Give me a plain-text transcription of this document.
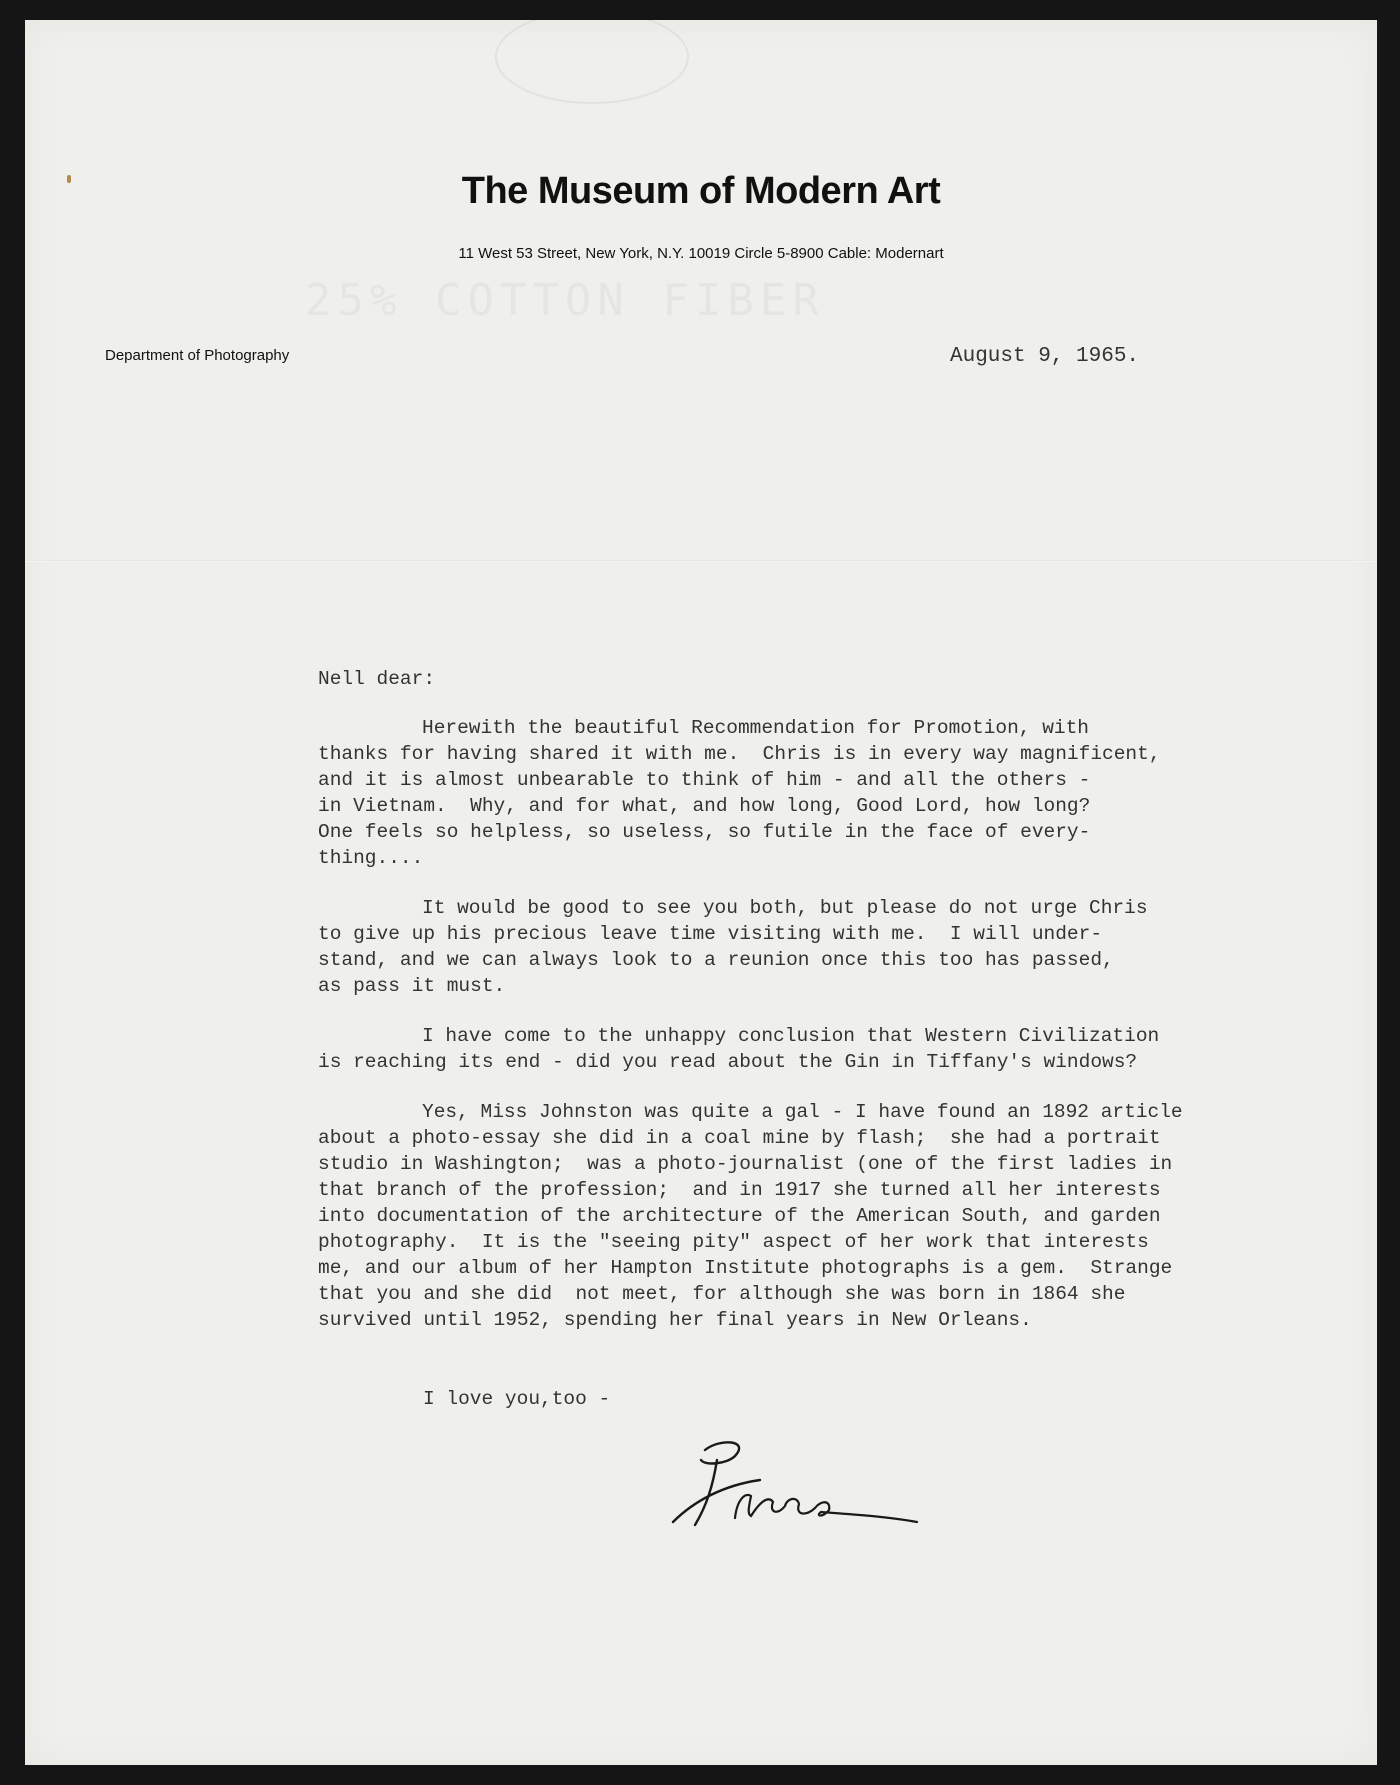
The Museum of Modern Art
11 West 53 Street, New York, N.Y. 10019 Circle 5-8900 Cable: Modernart
Department of Photography	August 9, 1965.
Nell dear:

Herewith the beautiful Recommendation for Promotion, with
thanks for having shared it with me.  Chris is in every way magnificent,
and it is almost unbearable to think of him - and all the others -
in Vietnam.  Why, and for what, and how long, Good Lord, how long?
One feels so helpless, so useless, so futile in the face of every-
thing....

It would be good to see you both, but please do not urge Chris
to give up his precious leave time visiting with me.  I will under-
stand, and we can always look to a reunion once this too has passed,
as pass it must.

I have come to the unhappy conclusion that Western Civilization
is reaching its end - did you read about the Gin in Tiffany's windows?

Yes, Miss Johnston was quite a gal - I have found an 1892 article
about a photo-essay she did in a coal mine by flash;  she had a portrait
studio in Washington;  was a photo-journalist (one of the first ladies in
that branch of the profession;  and in 1917 she turned all her interests
into documentation of the architecture of the American South, and garden
photography.  It is the "seeing pity" aspect of her work that interests
me, and our album of her Hampton Institute photographs is a gem.  Strange
that you and she did  not meet, for although she was born in 1864 she
survived until 1952, spending her final years in New Orleans.

I love you,too -
